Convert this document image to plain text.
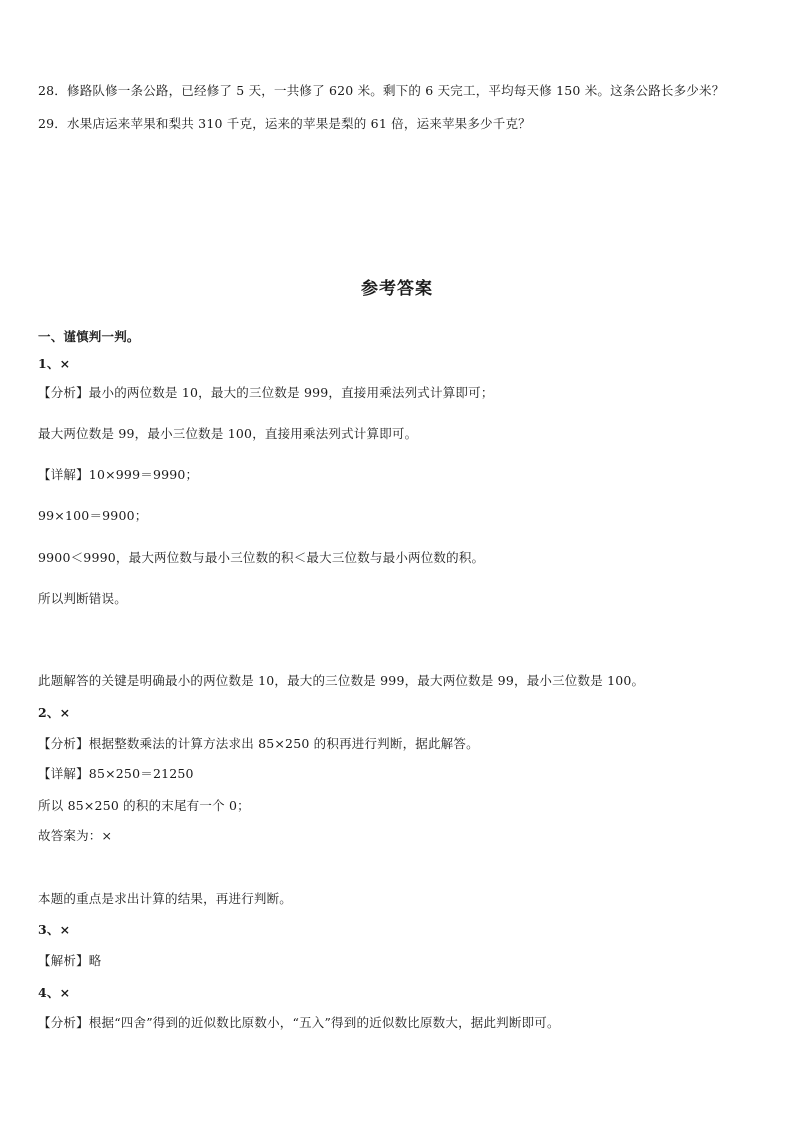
28．修路队修一条公路，已经修了 5 天，一共修了 620 米。剩下的 6 天完工，平均每天修 150 米。这条公路长多少米？
29．水果店运来苹果和梨共 310 千克，运来的苹果是梨的 61 倍，运来苹果多少千克？
参考答案
一、谨慎判一判。
1、×
【分析】最小的两位数是 10，最大的三位数是 999，直接用乘法列式计算即可；
最大两位数是 99，最小三位数是 100，直接用乘法列式计算即可。
【详解】10×999＝9990；
99×100＝9900；
9900＜9990，最大两位数与最小三位数的积＜最大三位数与最小两位数的积。
所以判断错误。
此题解答的关键是明确最小的两位数是 10，最大的三位数是 999，最大两位数是 99，最小三位数是 100。
2、×
【分析】根据整数乘法的计算方法求出 85×250 的积再进行判断，据此解答。
【详解】85×250＝21250
所以 85×250 的积的末尾有一个 0；
故答案为：×
本题的重点是求出计算的结果，再进行判断。
3、×
【解析】略
4、×
【分析】根据“四舍”得到的近似数比原数小，“五入”得到的近似数比原数大，据此判断即可。
